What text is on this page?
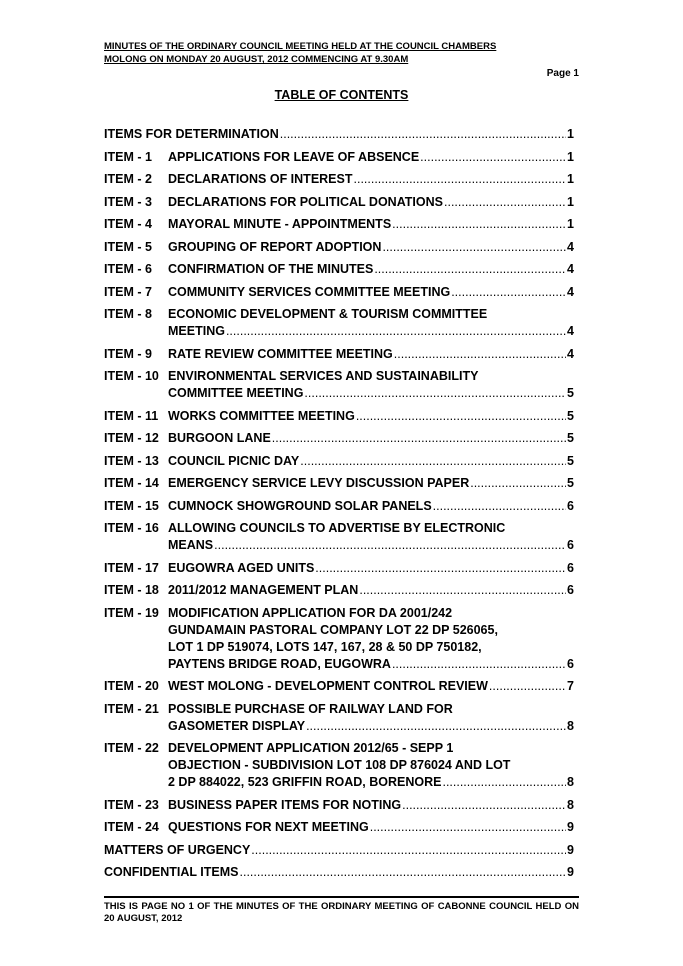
MINUTES OF THE ORDINARY COUNCIL MEETING HELD AT THE COUNCIL CHAMBERS
MOLONG ON MONDAY 20 AUGUST, 2012 COMMENCING AT 9.30AM
Page 1
TABLE OF CONTENTS
ITEMS FOR DETERMINATION .....	1
ITEM - 1	APPLICATIONS FOR LEAVE OF ABSENCE .....	1
ITEM - 2	DECLARATIONS OF INTEREST .....	1
ITEM - 3	DECLARATIONS FOR POLITICAL DONATIONS .....	1
ITEM - 4	MAYORAL MINUTE - APPOINTMENTS .....	1
ITEM - 5	GROUPING OF REPORT ADOPTION .....	4
ITEM - 6	CONFIRMATION OF THE MINUTES .....	4
ITEM - 7	COMMUNITY SERVICES COMMITTEE MEETING .....	4
ITEM - 8	ECONOMIC DEVELOPMENT & TOURISM COMMITTEE
MEETING .....	4
ITEM - 9	RATE REVIEW COMMITTEE MEETING .....	4
ITEM - 10 ENVIRONMENTAL SERVICES AND SUSTAINABILITY
COMMITTEE MEETING .....	5
ITEM - 11 WORKS COMMITTEE MEETING .....	5
ITEM - 12 BURGOON LANE .....	5
ITEM - 13 COUNCIL PICNIC DAY .....	5
ITEM - 14 EMERGENCY SERVICE LEVY DISCUSSION PAPER .....	5
ITEM - 15 CUMNOCK SHOWGROUND SOLAR PANELS .....	6
ITEM - 16 ALLOWING COUNCILS TO ADVERTISE BY ELECTRONIC
MEANS .....	6
ITEM - 17 EUGOWRA AGED UNITS .....	6
ITEM - 18 2011/2012 MANAGEMENT PLAN .....	6
ITEM - 19 MODIFICATION APPLICATION FOR DA 2001/242
GUNDAMAIN PASTORAL COMPANY LOT 22 DP 526065,
LOT 1 DP 519074, LOTS 147, 167, 28 & 50 DP 750182,
PAYTENS BRIDGE ROAD, EUGOWRA .....	6
ITEM - 20 WEST MOLONG - DEVELOPMENT CONTROL REVIEW .....	7
ITEM - 21 POSSIBLE PURCHASE OF RAILWAY LAND FOR
GASOMETER DISPLAY .....	8
ITEM - 22 DEVELOPMENT APPLICATION 2012/65 - SEPP 1
OBJECTION - SUBDIVISION LOT 108 DP 876024 AND LOT
2 DP 884022, 523 GRIFFIN ROAD, BORENORE .....	8
ITEM - 23 BUSINESS PAPER ITEMS FOR NOTING .....	8
ITEM - 24 QUESTIONS FOR NEXT MEETING .....	9
MATTERS OF URGENCY .....	9
CONFIDENTIAL ITEMS .....	9
THIS IS PAGE NO 1 OF THE MINUTES OF THE ORDINARY MEETING OF CABONNE COUNCIL HELD ON 20 AUGUST, 2012
